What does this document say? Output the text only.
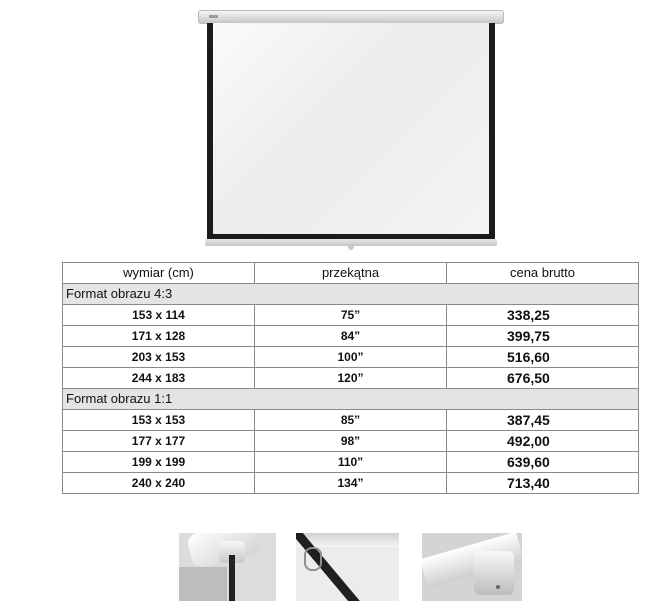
wymiar (cm)	przekątna	cena brutto
Format obrazu 4:3		
153 x 114	75”	338,25
171 x 128	84”	399,75
203 x 153	100”	516,60
244 x 183	120”	676,50
Format obrazu 1:1		
153 x 153	85”	387,45
177 x 177	98”	492,00
199 x 199	110”	639,60
240 x 240	134”	713,40
